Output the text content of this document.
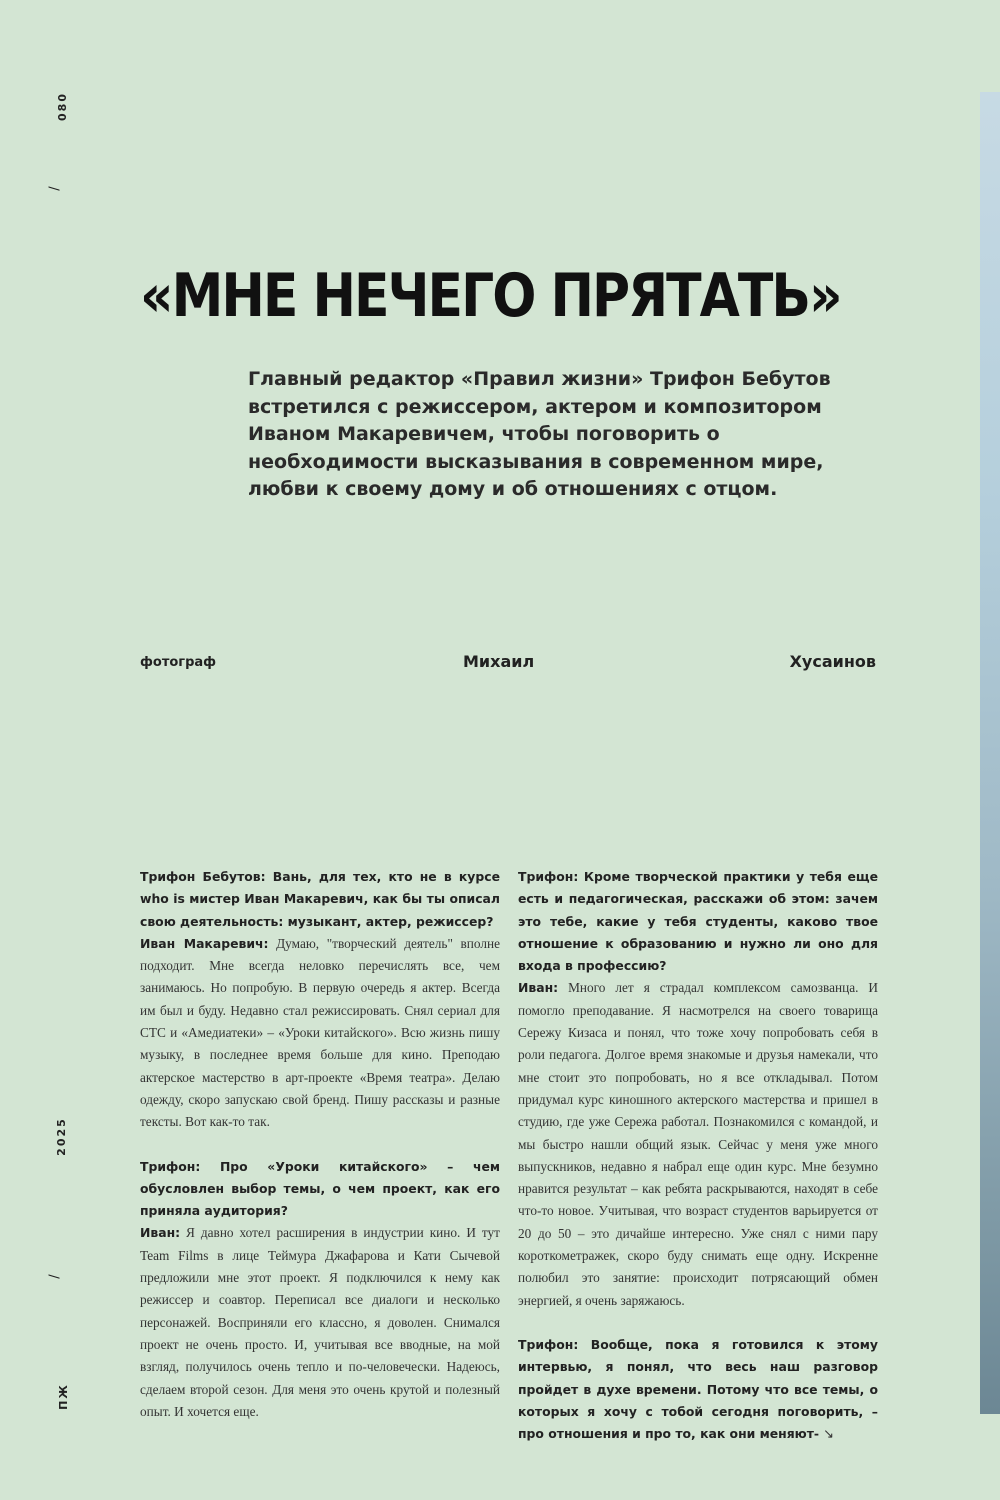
080
/
2025
/
ПЖ
«МНЕ НЕЧЕГО ПРЯТАТЬ»

Главный редактор «Правил жизни» Трифон Бебутов встретился с режиссером, актером и композитором Иваном Макаревичем, чтобы поговорить о необходимости высказывания в современном мире, любви к своему дому и об отношениях с отцом.

фотограф	Михаил	Хусаинов

Трифон Бебутов: Вань, для тех, кто не в курсе who is мистер Иван Макаревич, как бы ты описал свою деятельность: музыкант, актер, режиссер?
Иван Макаревич: Думаю, "творческий деятель" вполне подходит. Мне всегда неловко перечислять все, чем занимаюсь. Но попробую. В первую очередь я актер. Всегда им был и буду. Недавно стал режиссировать. Снял сериал для СТС и «Амедиатеки» – «Уроки китайского». Всю жизнь пишу музыку, в последнее время больше для кино. Преподаю актерское мастерство в арт-проекте «Время театра». Делаю одежду, скоро запускаю свой бренд. Пишу рассказы и разные тексты. Вот как-то так.

Трифон: Про «Уроки китайского» – чем обусловлен выбор темы, о чем проект, как его приняла аудитория?
Иван: Я давно хотел расширения в индустрии кино. И тут Team Films в лице Теймура Джафарова и Кати Сычевой предложили мне этот проект. Я подключился к нему как режиссер и соавтор. Переписал все диалоги и несколько персонажей. Восприняли его классно, я доволен. Снимался проект не очень просто. И, учитывая все вводные, на мой взгляд, получилось очень тепло и по-человечески. Надеюсь, сделаем второй сезон. Для меня это очень крутой и полезный опыт. И хочется еще.

Трифон: Кроме творческой практики у тебя еще есть и педагогическая, расскажи об этом: зачем это тебе, какие у тебя студенты, каково твое отношение к образованию и нужно ли оно для входа в профессию?
Иван: Много лет я страдал комплексом самозванца. И помогло преподавание. Я насмотрелся на своего товарища Сережу Кизаса и понял, что тоже хочу попробовать себя в роли педагога. Долгое время знакомые и друзья намекали, что мне стоит это попробовать, но я все откладывал. Потом придумал курс киношного актерского мастерства и пришел в студию, где уже Сережа работал. Познакомился с командой, и мы быстро нашли общий язык. Сейчас у меня уже много выпускников, недавно я набрал еще один курс. Мне безумно нравится результат – как ребята раскрываются, находят в себе что-то новое. Учитывая, что возраст студентов варьируется от 20 до 50 – это дичайше интересно. Уже снял с ними пару короткометражек, скоро буду снимать еще одну. Искренне полюбил это занятие: происходит потрясающий обмен энергией, я очень заряжаюсь.

Трифон: Вообще, пока я готовился к этому интервью, я понял, что весь наш разговор пройдет в духе времени. Потому что все темы, о которых я хочу с тобой сегодня поговорить, – про отношения и про то, как они меняют- ↘
